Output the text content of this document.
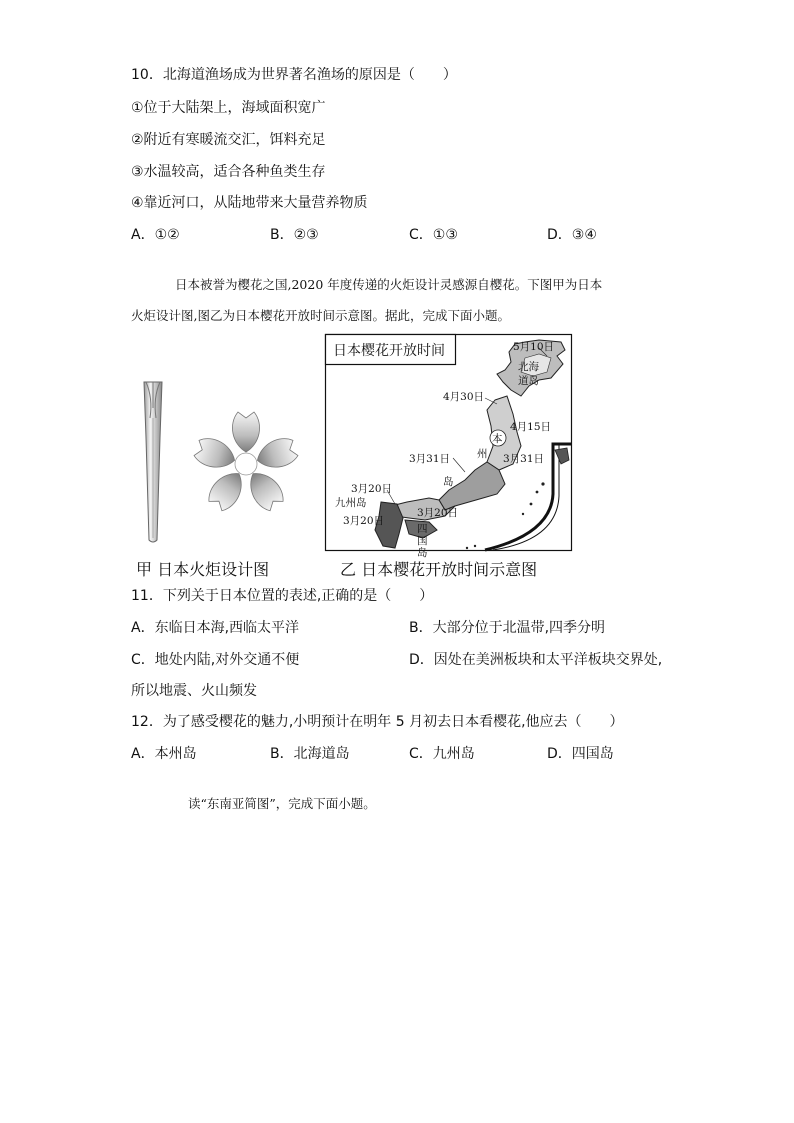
10．北海道渔场成为世界著名渔场的原因是（　　）
①位于大陆架上，海域面积宽广
②附近有寒暖流交汇，饵料充足
③水温较高，适合各种鱼类生存
④靠近河口，从陆地带来大量营养物质
A．①②	B．②③	C．①③	D．③④
日本被誉为樱花之国,2020 年度传递的火炬设计灵感源自樱花。下图甲为日本
火炬设计图,图乙为日本樱花开放时间示意图。据此，完成下面小题。
日本樱花开放时间	5月10日
北海
道岛
4月30日
本
4月15日
州
3月31日	3月31日
岛
3月20日
九州岛
3月20日
3月20日
四
国
岛
甲 日本火炬设计图	乙 日本樱花开放时间示意图
11．下列关于日本位置的表述,正确的是（　　）
A．东临日本海,西临太平洋	B．大部分位于北温带,四季分明
C．地处内陆,对外交通不便	D．因处在美洲板块和太平洋板块交界处,
所以地震、火山频发
12．为了感受樱花的魅力,小明预计在明年 5 月初去日本看樱花,他应去（　　）
A．本州岛	B．北海道岛	C．九州岛	D．四国岛
读“东南亚简图”，完成下面小题。
